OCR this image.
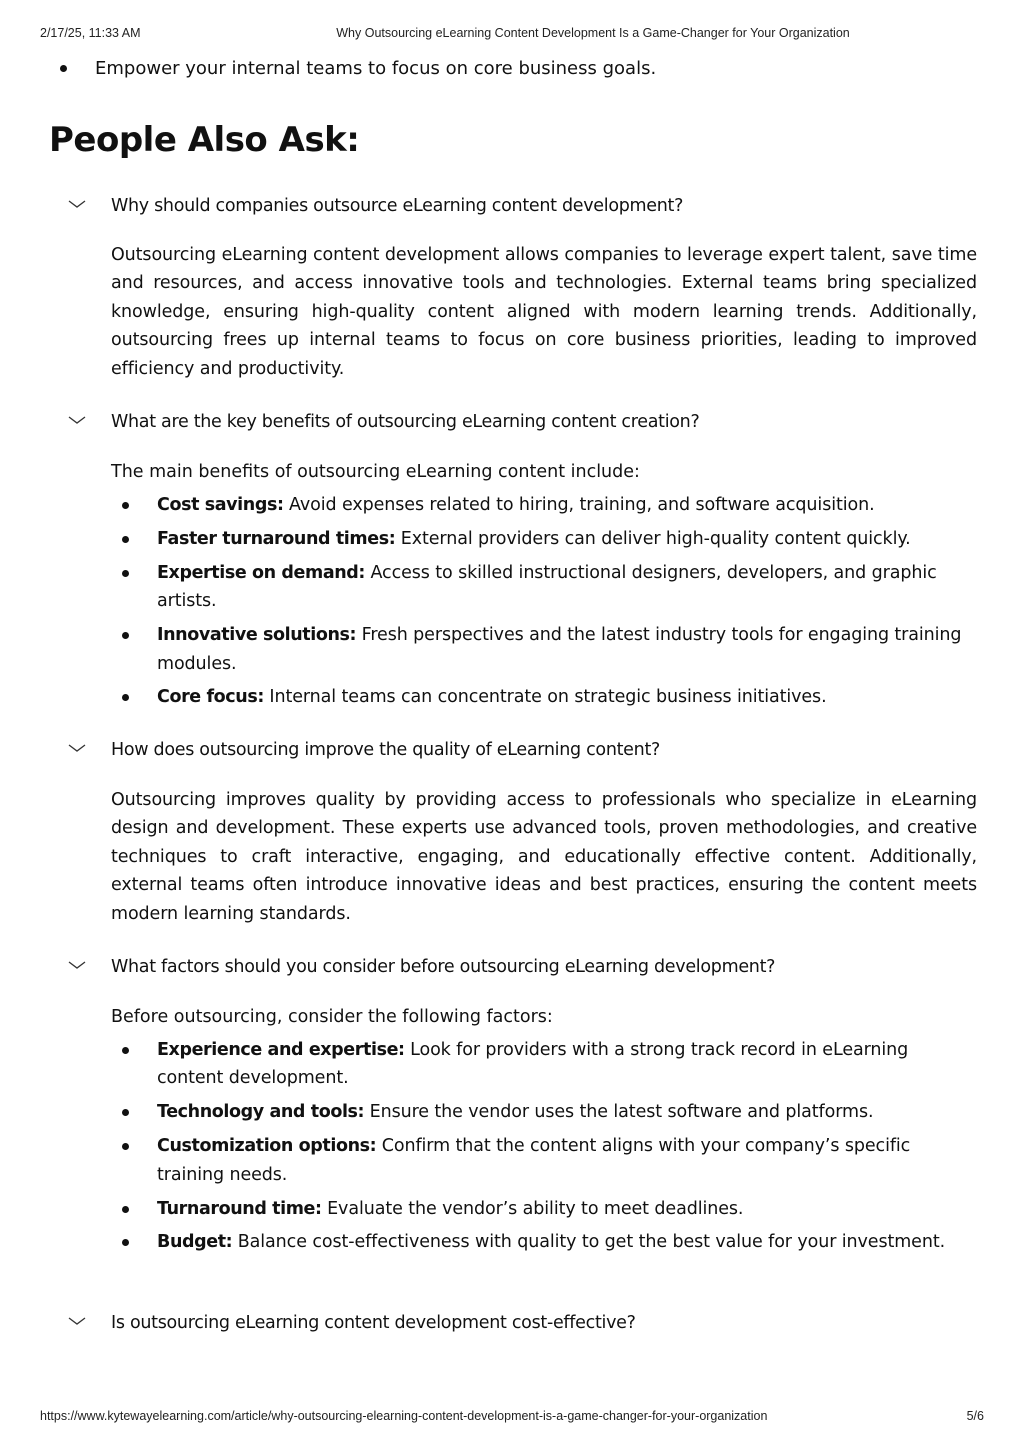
2/17/25, 11:33 AM	Why Outsourcing eLearning Content Development Is a Game-Changer for Your Organization
Empower your internal teams to focus on core business goals.
People Also Ask:
Why should companies outsource eLearning content development?
Outsourcing eLearning content development allows companies to leverage expert talent, save time and resources, and access innovative tools and technologies. External teams bring specialized knowledge, ensuring high-quality content aligned with modern learning trends. Additionally, outsourcing frees up internal teams to focus on core business priorities, leading to improved efficiency and productivity.
What are the key benefits of outsourcing eLearning content creation?
The main benefits of outsourcing eLearning content include:
Cost savings: Avoid expenses related to hiring, training, and software acquisition.
Faster turnaround times: External providers can deliver high-quality content quickly.
Expertise on demand: Access to skilled instructional designers, developers, and graphic artists.
Innovative solutions: Fresh perspectives and the latest industry tools for engaging training modules.
Core focus: Internal teams can concentrate on strategic business initiatives.
How does outsourcing improve the quality of eLearning content?
Outsourcing improves quality by providing access to professionals who specialize in eLearning design and development. These experts use advanced tools, proven methodologies, and creative techniques to craft interactive, engaging, and educationally effective content. Additionally, external teams often introduce innovative ideas and best practices, ensuring the content meets modern learning standards.
What factors should you consider before outsourcing eLearning development?
Before outsourcing, consider the following factors:
Experience and expertise: Look for providers with a strong track record in eLearning content development.
Technology and tools: Ensure the vendor uses the latest software and platforms.
Customization options: Confirm that the content aligns with your company’s specific training needs.
Turnaround time: Evaluate the vendor’s ability to meet deadlines.
Budget: Balance cost-effectiveness with quality to get the best value for your investment.
Is outsourcing eLearning content development cost-effective?
https://www.kytewayelearning.com/article/why-outsourcing-elearning-content-development-is-a-game-changer-for-your-organization	5/6
